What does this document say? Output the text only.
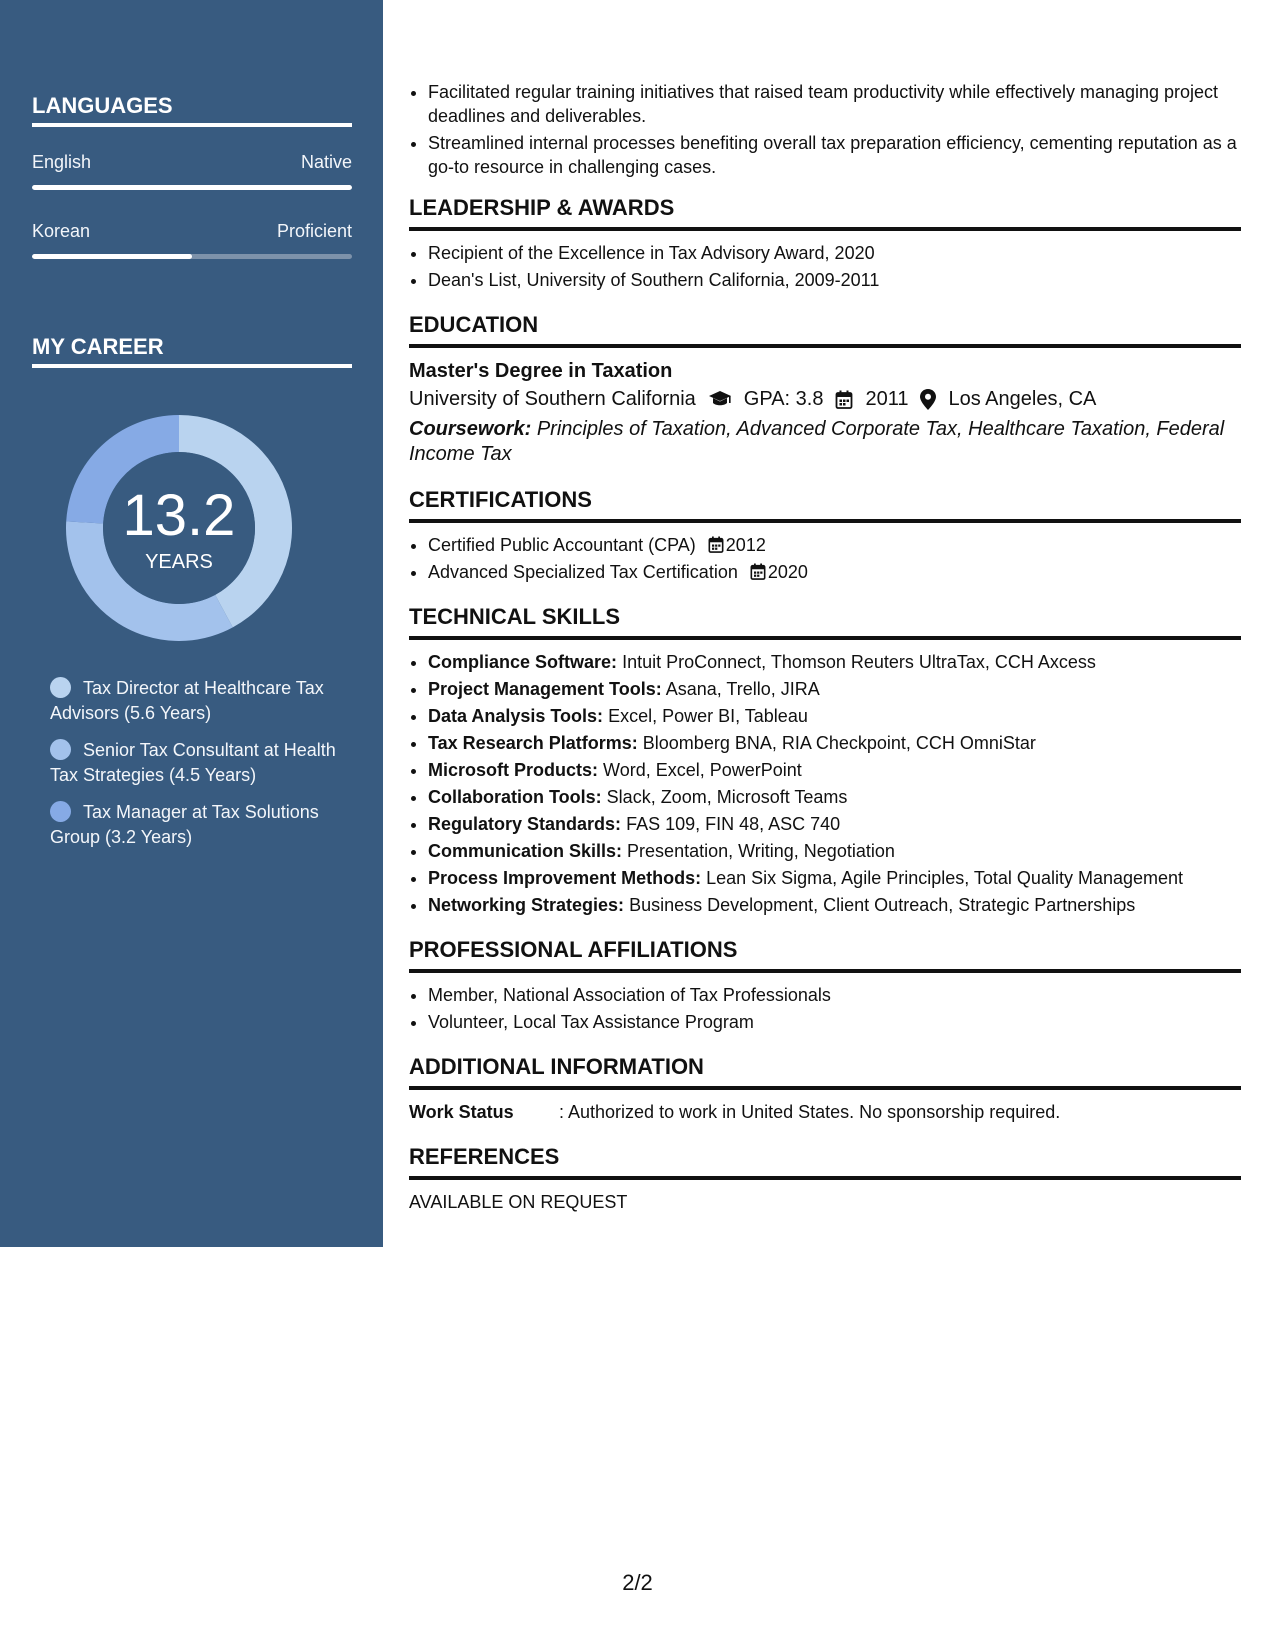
LANGUAGES
English	Native
Korean	Proficient
MY CAREER
13.2
YEARS
Tax Director at Healthcare Tax Advisors (5.6 Years)
Senior Tax Consultant at Health Tax Strategies (4.5 Years)
Tax Manager at Tax Solutions Group (3.2 Years)
• Facilitated regular training initiatives that raised team productivity while effectively managing project deadlines and deliverables.
• Streamlined internal processes benefiting overall tax preparation efficiency, cementing reputation as a go-to resource in challenging cases.
LEADERSHIP & AWARDS
• Recipient of the Excellence in Tax Advisory Award, 2020
• Dean's List, University of Southern California, 2009-2011
EDUCATION
Master's Degree in Taxation
University of Southern California GPA: 3.8 2011 Los Angeles, CA
Coursework: Principles of Taxation, Advanced Corporate Tax, Healthcare Taxation, Federal Income Tax
CERTIFICATIONS
• Certified Public Accountant (CPA) 2012
• Advanced Specialized Tax Certification 2020
TECHNICAL SKILLS
• Compliance Software: Intuit ProConnect, Thomson Reuters UltraTax, CCH Axcess
• Project Management Tools: Asana, Trello, JIRA
• Data Analysis Tools: Excel, Power BI, Tableau
• Tax Research Platforms: Bloomberg BNA, RIA Checkpoint, CCH OmniStar
• Microsoft Products: Word, Excel, PowerPoint
• Collaboration Tools: Slack, Zoom, Microsoft Teams
• Regulatory Standards: FAS 109, FIN 48, ASC 740
• Communication Skills: Presentation, Writing, Negotiation
• Process Improvement Methods: Lean Six Sigma, Agile Principles, Total Quality Management
• Networking Strategies: Business Development, Client Outreach, Strategic Partnerships
PROFESSIONAL AFFILIATIONS
• Member, National Association of Tax Professionals
• Volunteer, Local Tax Assistance Program
ADDITIONAL INFORMATION
Work Status	: Authorized to work in United States. No sponsorship required.
REFERENCES
AVAILABLE ON REQUEST
2/2
